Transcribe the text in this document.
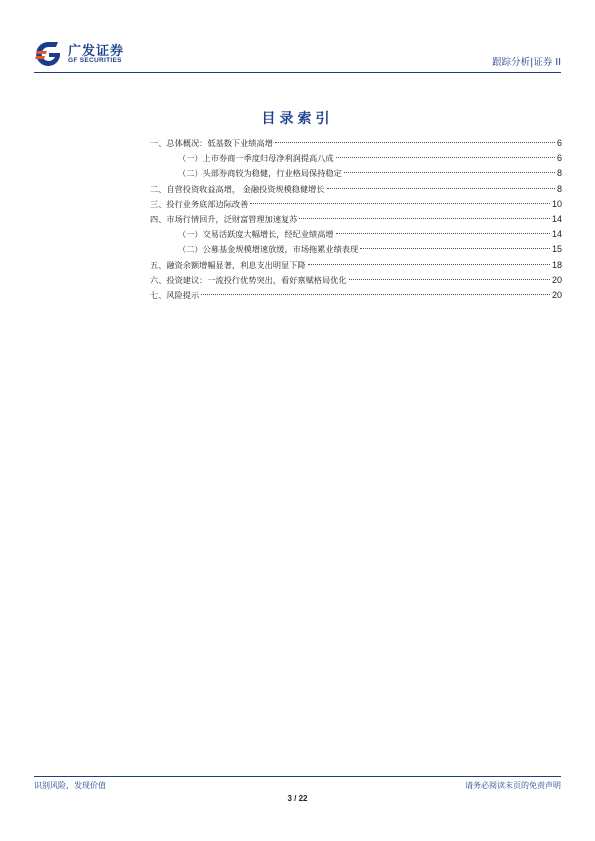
广发证券
GF SECURITIES	跟踪分析|证券 II
目录索引
一、总体概况：低基数下业绩高增	6
（一）上市券商一季度归母净利润提高八成	6
（二）头部券商较为稳健，行业格局保持稳定	8
二、自营投资收益高增， 金融投资规模稳健增长	8
三、投行业务底部边际改善	10
四、市场行情回升，泛财富管理加速复苏	14
（一）交易活跃度大幅增长，经纪业绩高增	14
（二）公募基金规模增速放缓，市场拖累业绩表现	15
五、融资余额增幅显著，利息支出明显下降	18
六、投资建议：一流投行优势突出，看好禀赋格局优化	20
七、风险提示	20
识别风险，发现价值	请务必阅读末页的免责声明
3 / 22
